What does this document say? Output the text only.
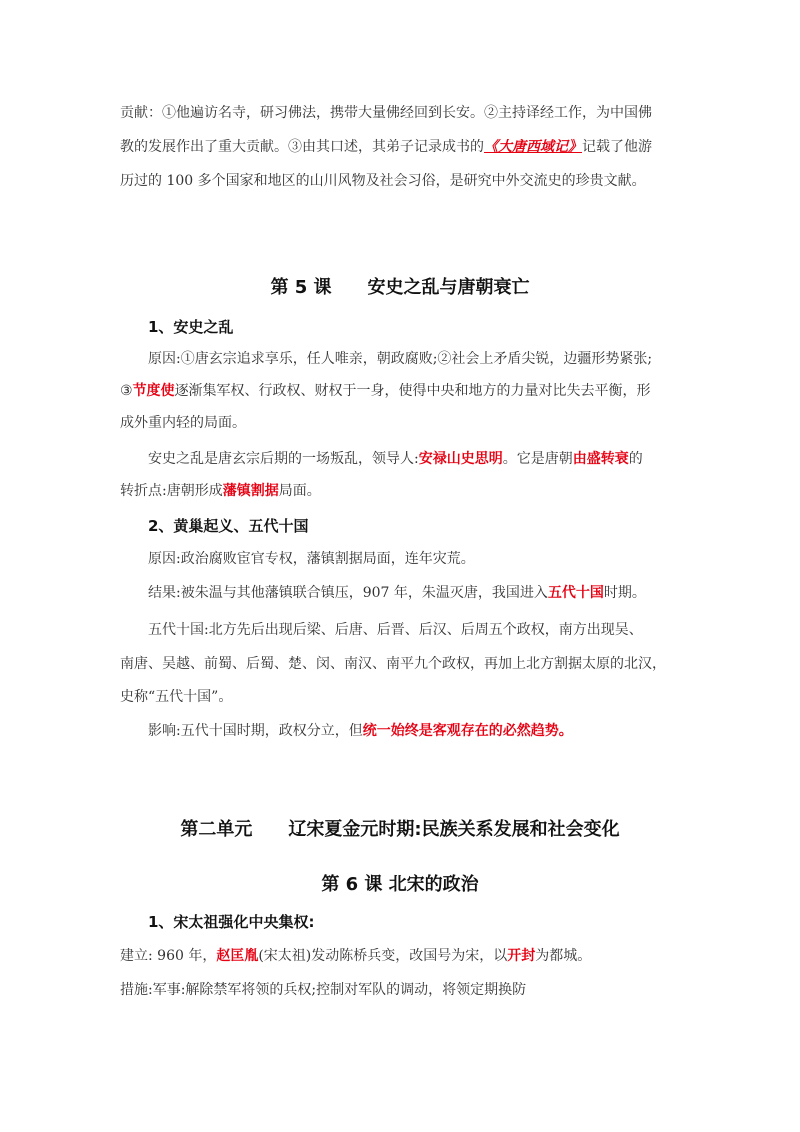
贡献：①他遍访名寺，研习佛法，携带大量佛经回到长安。②主持译经工作，为中国佛
教的发展作出了重大贡献。③由其口述，其弟子记录成书的《大唐西域记》记载了他游
历过的 100 多个国家和地区的山川风物及社会习俗，是研究中外交流史的珍贵文献。
第 5 课 安史之乱与唐朝衰亡
1、安史之乱
原因:①唐玄宗追求享乐，任人唯亲，朝政腐败;②社会上矛盾尖锐，边疆形势紧张;
③节度使逐渐集军权、行政权、财权于一身，使得中央和地方的力量对比失去平衡，形
成外重内轻的局面。
安史之乱是唐玄宗后期的一场叛乱，领导人:安禄山史思明。它是唐朝由盛转衰的
转折点:唐朝形成藩镇割据局面。
2、黄巢起义、五代十国
原因:政治腐败宦官专权，藩镇割据局面，连年灾荒。
结果:被朱温与其他藩镇联合镇压，907 年，朱温灭唐，我国进入五代十国时期。
五代十国:北方先后出现后梁、后唐、后晋、后汉、后周五个政权，南方出现吴、
南唐、吴越、前蜀、后蜀、楚、闵、南汉、南平九个政权，再加上北方割据太原的北汉，
史称“五代十国”。
影响:五代十国时期，政权分立，但统一始终是客观存在的必然趋势。
第二单元 辽宋夏金元时期:民族关系发展和社会变化
第 6 课 北宋的政治
1、宋太祖强化中央集权:
建立: 960 年，赵匡胤(宋太祖)发动陈桥兵变，改国号为宋，以开封为都城。
措施:军事:解除禁军将领的兵权;控制对军队的调动，将领定期换防
